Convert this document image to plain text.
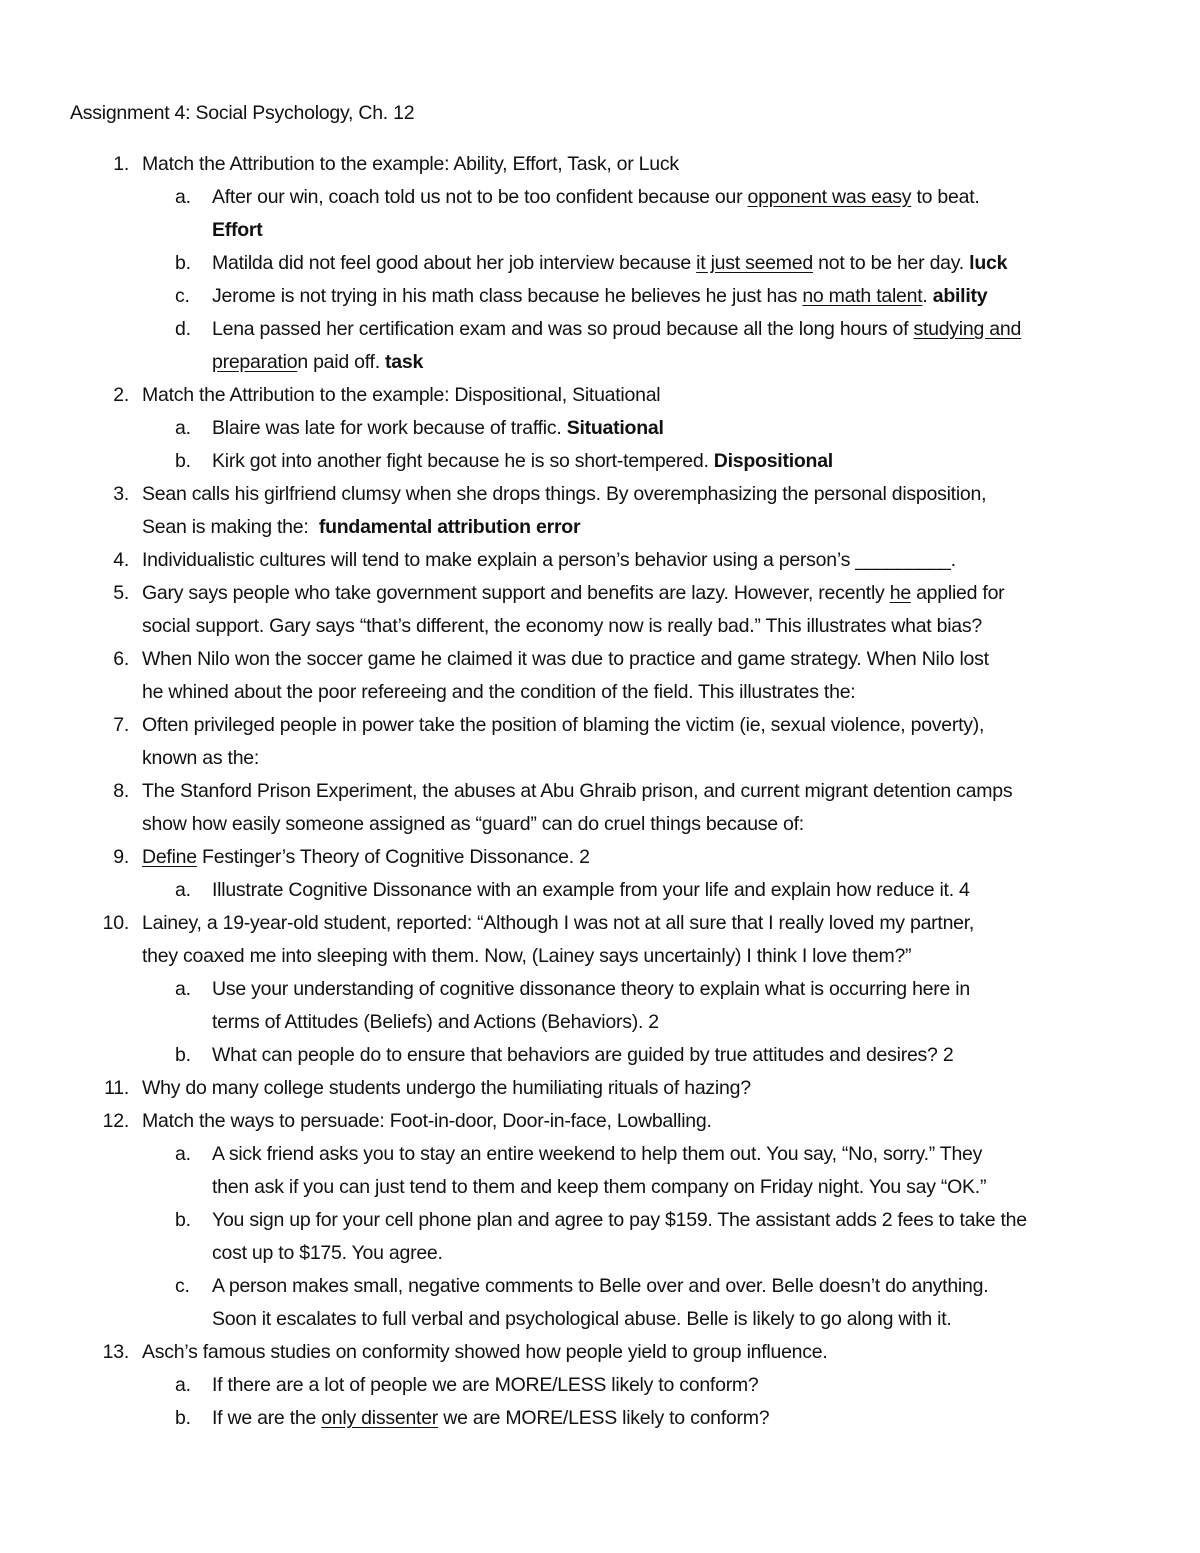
Assignment 4: Social Psychology, Ch. 12
1. Match the Attribution to the example: Ability, Effort, Task, or Luck
a.	After our win, coach told us not to be too confident because our opponent was easy to beat.
Effort
b.	Matilda did not feel good about her job interview because it just seemed not to be her day. luck
c.	Jerome is not trying in his math class because he believes he just has no math talent. ability
d.	Lena passed her certification exam and was so proud because all the long hours of studying and
preparation paid off. task
2. Match the Attribution to the example: Dispositional, Situational
a.	Blaire was late for work because of traffic. Situational
b.	Kirk got into another fight because he is so short-tempered. Dispositional
3. Sean calls his girlfriend clumsy when she drops things. By overemphasizing the personal disposition,
Sean is making the:  fundamental attribution error
4. Individualistic cultures will tend to make explain a person’s behavior using a person’s _________.
5. Gary says people who take government support and benefits are lazy. However, recently he applied for
social support. Gary says “that’s different, the economy now is really bad.” This illustrates what bias?
6. When Nilo won the soccer game he claimed it was due to practice and game strategy. When Nilo lost
he whined about the poor refereeing and the condition of the field. This illustrates the:
7. Often privileged people in power take the position of blaming the victim (ie, sexual violence, poverty),
known as the:
8. The Stanford Prison Experiment, the abuses at Abu Ghraib prison, and current migrant detention camps
show how easily someone assigned as “guard” can do cruel things because of:
9. Define Festinger’s Theory of Cognitive Dissonance. 2
a.	Illustrate Cognitive Dissonance with an example from your life and explain how reduce it. 4
10. Lainey, a 19-year-old student, reported: “Although I was not at all sure that I really loved my partner,
they coaxed me into sleeping with them. Now, (Lainey says uncertainly) I think I love them?”
a.	Use your understanding of cognitive dissonance theory to explain what is occurring here in
terms of Attitudes (Beliefs) and Actions (Behaviors). 2
b.	What can people do to ensure that behaviors are guided by true attitudes and desires? 2
11. Why do many college students undergo the humiliating rituals of hazing?
12. Match the ways to persuade: Foot-in-door, Door-in-face, Lowballing.
a.	A sick friend asks you to stay an entire weekend to help them out. You say, “No, sorry.” They
then ask if you can just tend to them and keep them company on Friday night. You say “OK.”
b.	You sign up for your cell phone plan and agree to pay $159. The assistant adds 2 fees to take the
cost up to $175. You agree.
c.	A person makes small, negative comments to Belle over and over. Belle doesn’t do anything.
Soon it escalates to full verbal and psychological abuse. Belle is likely to go along with it.
13. Asch’s famous studies on conformity showed how people yield to group influence.
a.	If there are a lot of people we are MORE/LESS likely to conform?
b.	If we are the only dissenter we are MORE/LESS likely to conform?
